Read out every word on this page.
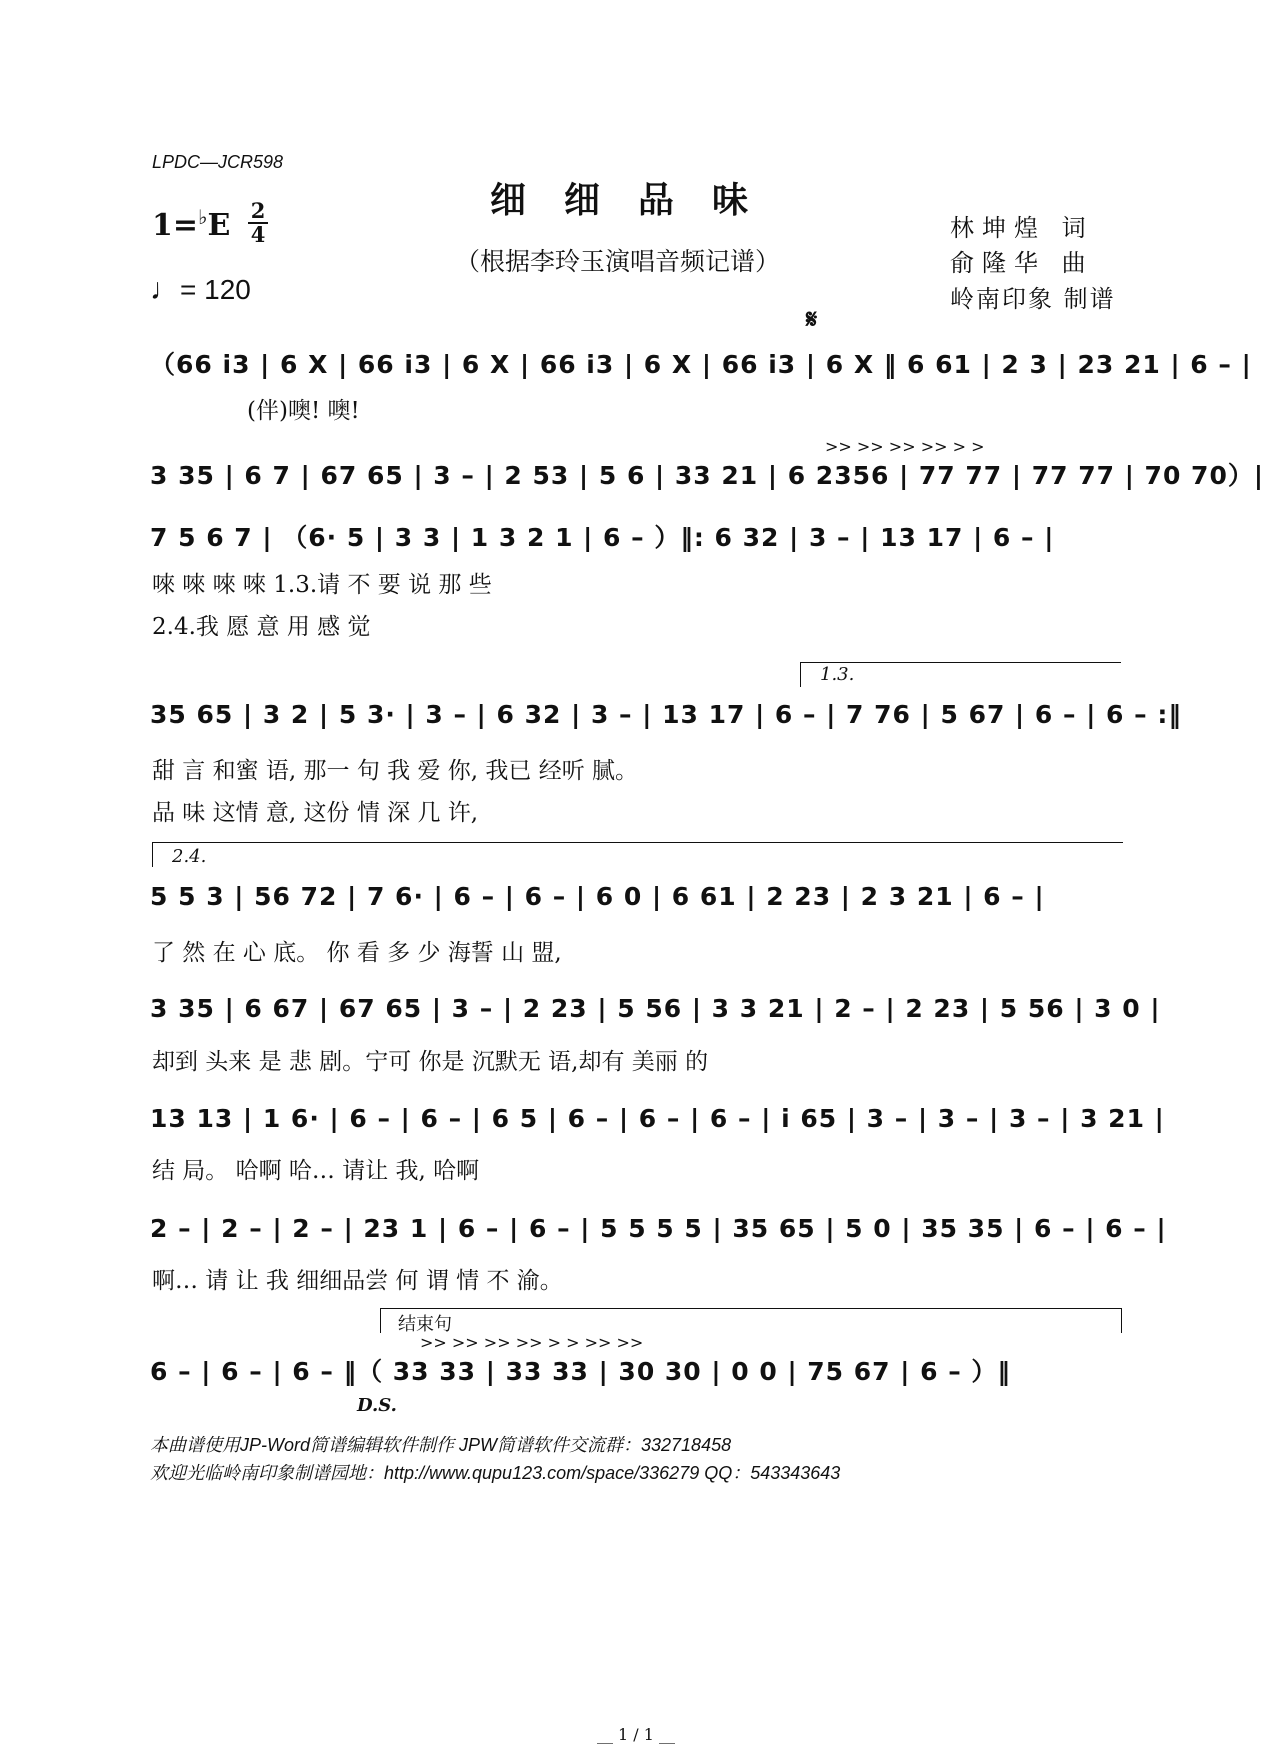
LPDC—JCR598
细细品味
（根据李玲玉演唱音频记谱）
1=♭E 2
4
♩= 120
林坤煌 词
俞隆华 曲
岭南印象 制谱
𝄋
（66 i3 | 6 X | 66 i3 | 6 X | 66 i3 | 6 X | 66 i3 | 6 X ‖ 6 61 | 2 3 | 23 21 | 6 – |
(伴)噢! 噢!
>> >> >> >> > >
3 35 | 6 7 | 67 65 | 3 – | 2 53 | 5 6 | 33 21 | 6 2356 | 77 77 | 77 77 | 70 70）|
7 5 6 7 | （6· 5 | 3 3 | 1 3 2 1 | 6 – ）‖: 6 32 | 3 – | 13 17 | 6 – |
唻 唻 唻 唻 1.3.请 不 要 说 那 些
2.4.我 愿 意 用 感 觉
1.3.
35 65 | 3 2 | 5 3· | 3 – | 6 32 | 3 – | 13 17 | 6 – | 7 76 | 5 67 | 6 – | 6 – :‖
甜 言 和蜜 语, 那一 句 我 爱 你, 我已 经听 腻。
品 味 这情 意, 这份 情 深 几 许,
2.4.
5 5 3 | 56 72 | 7 6· | 6 – | 6 – | 6 0 | 6 61 | 2 23 | 2 3 21 | 6 – |
了 然 在 心 底。 你 看 多 少 海誓 山 盟,
3 35 | 6 67 | 67 65 | 3 – | 2 23 | 5 56 | 3 3 21 | 2 – | 2 23 | 5 56 | 3 0 |
却到 头来 是 悲 剧。宁可 你是 沉默无 语,却有 美丽 的
13 13 | 1 6· | 6 – | 6 – | 6 5 | 6 – | 6 – | 6 – | i 65 | 3 – | 3 – | 3 – | 3 21 |
结 局。 哈啊 哈… 请让 我, 哈啊
2 – | 2 – | 2 – | 23 1 | 6 – | 6 – | 5 5 5 5 | 35 65 | 5 0 | 35 35 | 6 – | 6 – |
啊… 请 让 我 细细品尝 何 谓 情 不 渝。
结束句
>> >> >> >> > > >> >>
6 – | 6 – | 6 – ‖（ 33 33 | 33 33 | 30 30 | 0 0 | 75 67 | 6 – ）‖
D.S.
本曲谱使用JP-Word简谱编辑软件制作 JPW简谱软件交流群：332718458
欢迎光临岭南印象制谱园地：http://www.qupu123.com/space/336279 QQ：543343643
__ 1 / 1 __
